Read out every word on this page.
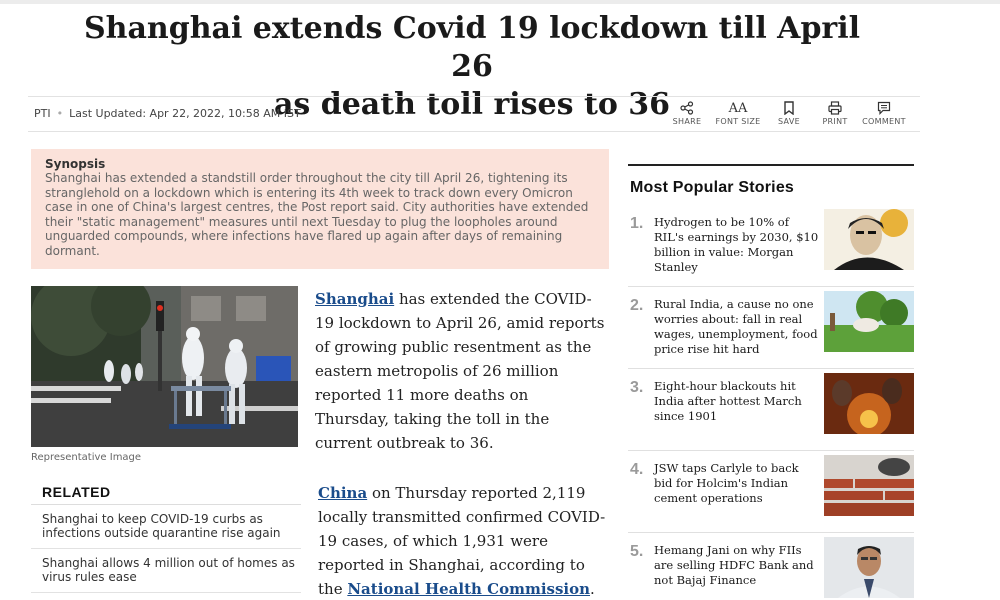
Shanghai extends Covid 19 lockdown till April 26
as death toll rises to 36
PTI • Last Updated: Apr 22, 2022, 10:58 AM IST
SHARE
AA
FONT SIZE	SAVE	PRINT	COMMENT
Synopsis
Shanghai has extended a standstill order throughout the city till April 26, tightening its stranglehold on a lockdown which is entering its 4th week to track down every Omicron case in one of China's largest centres, the Post report said. City authorities have extended their "static management" measures until next Tuesday to plug the loopholes around unguarded compounds, where infections have flared up again after days of remaining dormant.
Representative Image
Shanghai has extended the COVID-19 lockdown to April 26, amid reports of growing public resentment as the eastern metropolis of 26 million reported 11 more deaths on Thursday, taking the toll in the current outbreak to 36.
China on Thursday reported 2,119 locally transmitted confirmed COVID-19 cases, of which 1,931 were reported in Shanghai, according to the National Health Commission.
RELATED
Shanghai to keep COVID-19 curbs as infections outside quarantine rise again
Shanghai allows 4 million out of homes as virus rules ease
Most Popular Stories
1. Hydrogen to be 10% of RIL's earnings by 2030, $10 billion in value: Morgan Stanley
2. Rural India, a cause no one worries about: fall in real wages, unemployment, food price rise hit hard
3. Eight-hour blackouts hit India after hottest March since 1901
4. JSW taps Carlyle to back bid for Holcim's Indian cement operations
5. Hemang Jani on why FIIs are selling HDFC Bank and not Bajaj Finance
